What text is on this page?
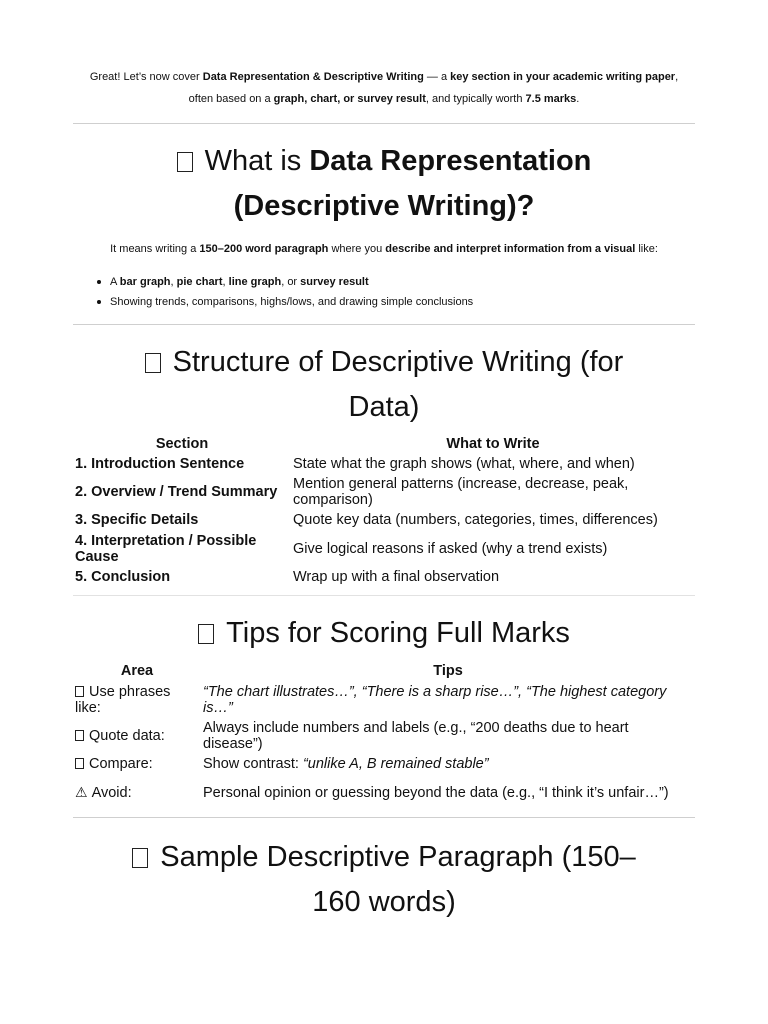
Great! Let’s now cover Data Representation & Descriptive Writing — a key section in your academic writing paper,
often based on a graph, chart, or survey result, and typically worth 7.5 marks.
What is Data Representation
(Descriptive Writing)?
It means writing a 150–200 word paragraph where you describe and interpret information from a visual like:
A bar graph, pie chart, line graph, or survey result
Showing trends, comparisons, highs/lows, and drawing simple conclusions
Structure of Descriptive Writing (for
Data)
Section	What to Write
1. Introduction Sentence	State what the graph shows (what, where, and when)
2. Overview / Trend Summary	Mention general patterns (increase, decrease, peak, comparison)
3. Specific Details	Quote key data (numbers, categories, times, differences)
4. Interpretation / Possible Cause	Give logical reasons if asked (why a trend exists)
5. Conclusion	Wrap up with a final observation
Tips for Scoring Full Marks
Area	Tips
Use phrases like:	“The chart illustrates…”, “There is a sharp rise…”, “The highest category is…”
Quote data:	Always include numbers and labels (e.g., “200 deaths due to heart disease”)
Compare:	Show contrast: “unlike A, B remained stable”
⚠ Avoid:	Personal opinion or guessing beyond the data (e.g., “I think it’s unfair…”)
Sample Descriptive Paragraph (150–
160 words)
